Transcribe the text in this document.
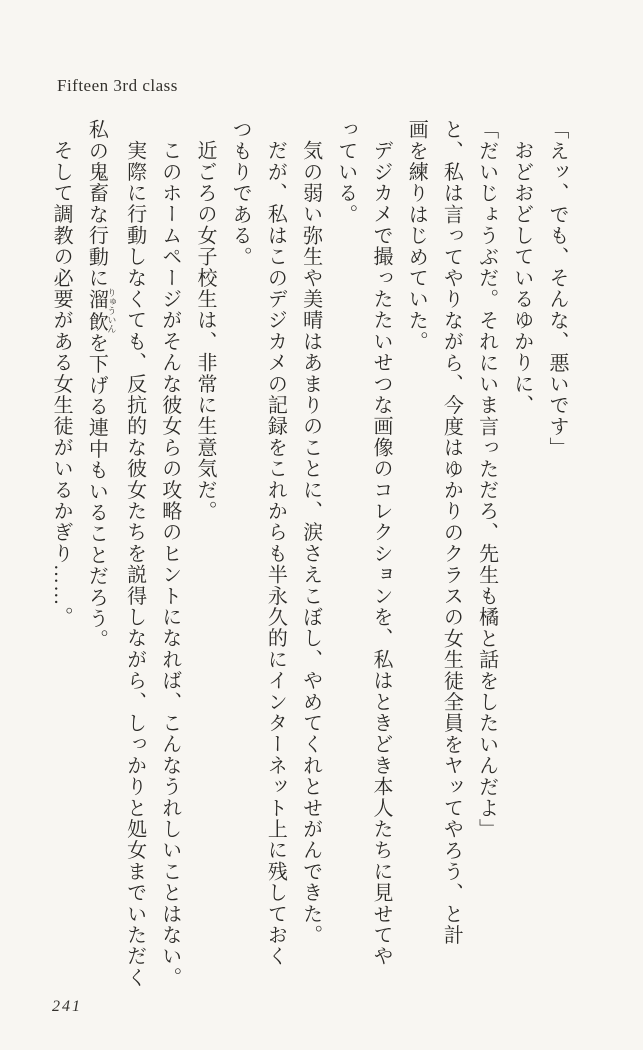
Fifteen 3rd class
「えッ、でも、そんな、悪いです」
おどおどしているゆかりに、
「だいじょうぶだ。それにいま言っただろ、先生も橘と話をしたいんだよ」
と、私は言ってやりながら、今度はゆかりのクラスの女生徒全員をヤッてやろう、と計
画を練りはじめていた。
デジカメで撮ったたいせつな画像のコレクションを、私はときどき本人たちに見せてや
っている。
気の弱い弥生や美晴はあまりのことに、涙さえこぼし、やめてくれとせがんできた。
だが、私はこのデジカメの記録をこれからも半永久的にインターネット上に残しておく
つもりである。
近ごろの女子校生は、非常に生意気だ。
このホームページがそんな彼女らの攻略のヒントになれば、こんなうれしいことはない。
実際に行動しなくても、反抗的な彼女たちを説得しながら、しっかりと処女までいただく
私の鬼畜な行動に溜飲 りゅういんを下げる連中もいることだろう。
そして調教の必要がある女生徒がいるかぎり……。
241
